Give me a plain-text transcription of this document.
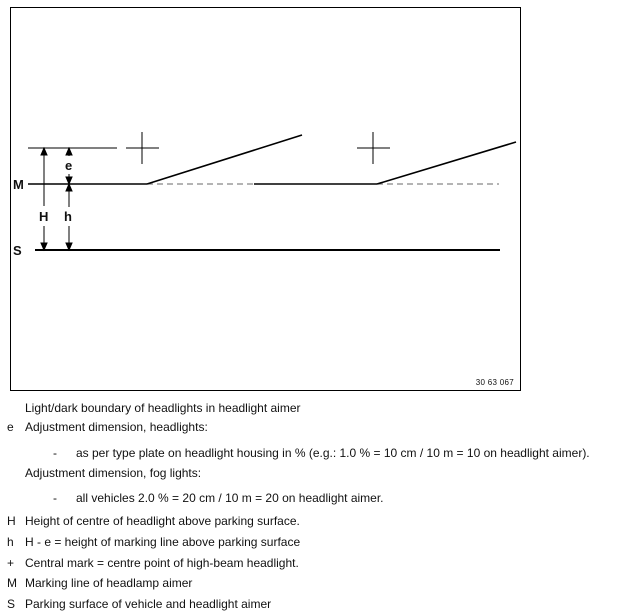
M
S
H h
e
30 63 067
Light/dark boundary of headlights in headlight aimer
e Adjustment dimension, headlights:
- as per type plate on headlight housing in % (e.g.: 1.0 % = 10 cm / 10 m = 10 on headlight aimer).
Adjustment dimension, fog lights:
- all vehicles 2.0 % = 20 cm / 10 m = 20 on headlight aimer.
H Height of centre of headlight above parking surface.
h H - e = height of marking line above parking surface
+ Central mark = centre point of high-beam headlight.
M Marking line of headlamp aimer
S Parking surface of vehicle and headlight aimer
